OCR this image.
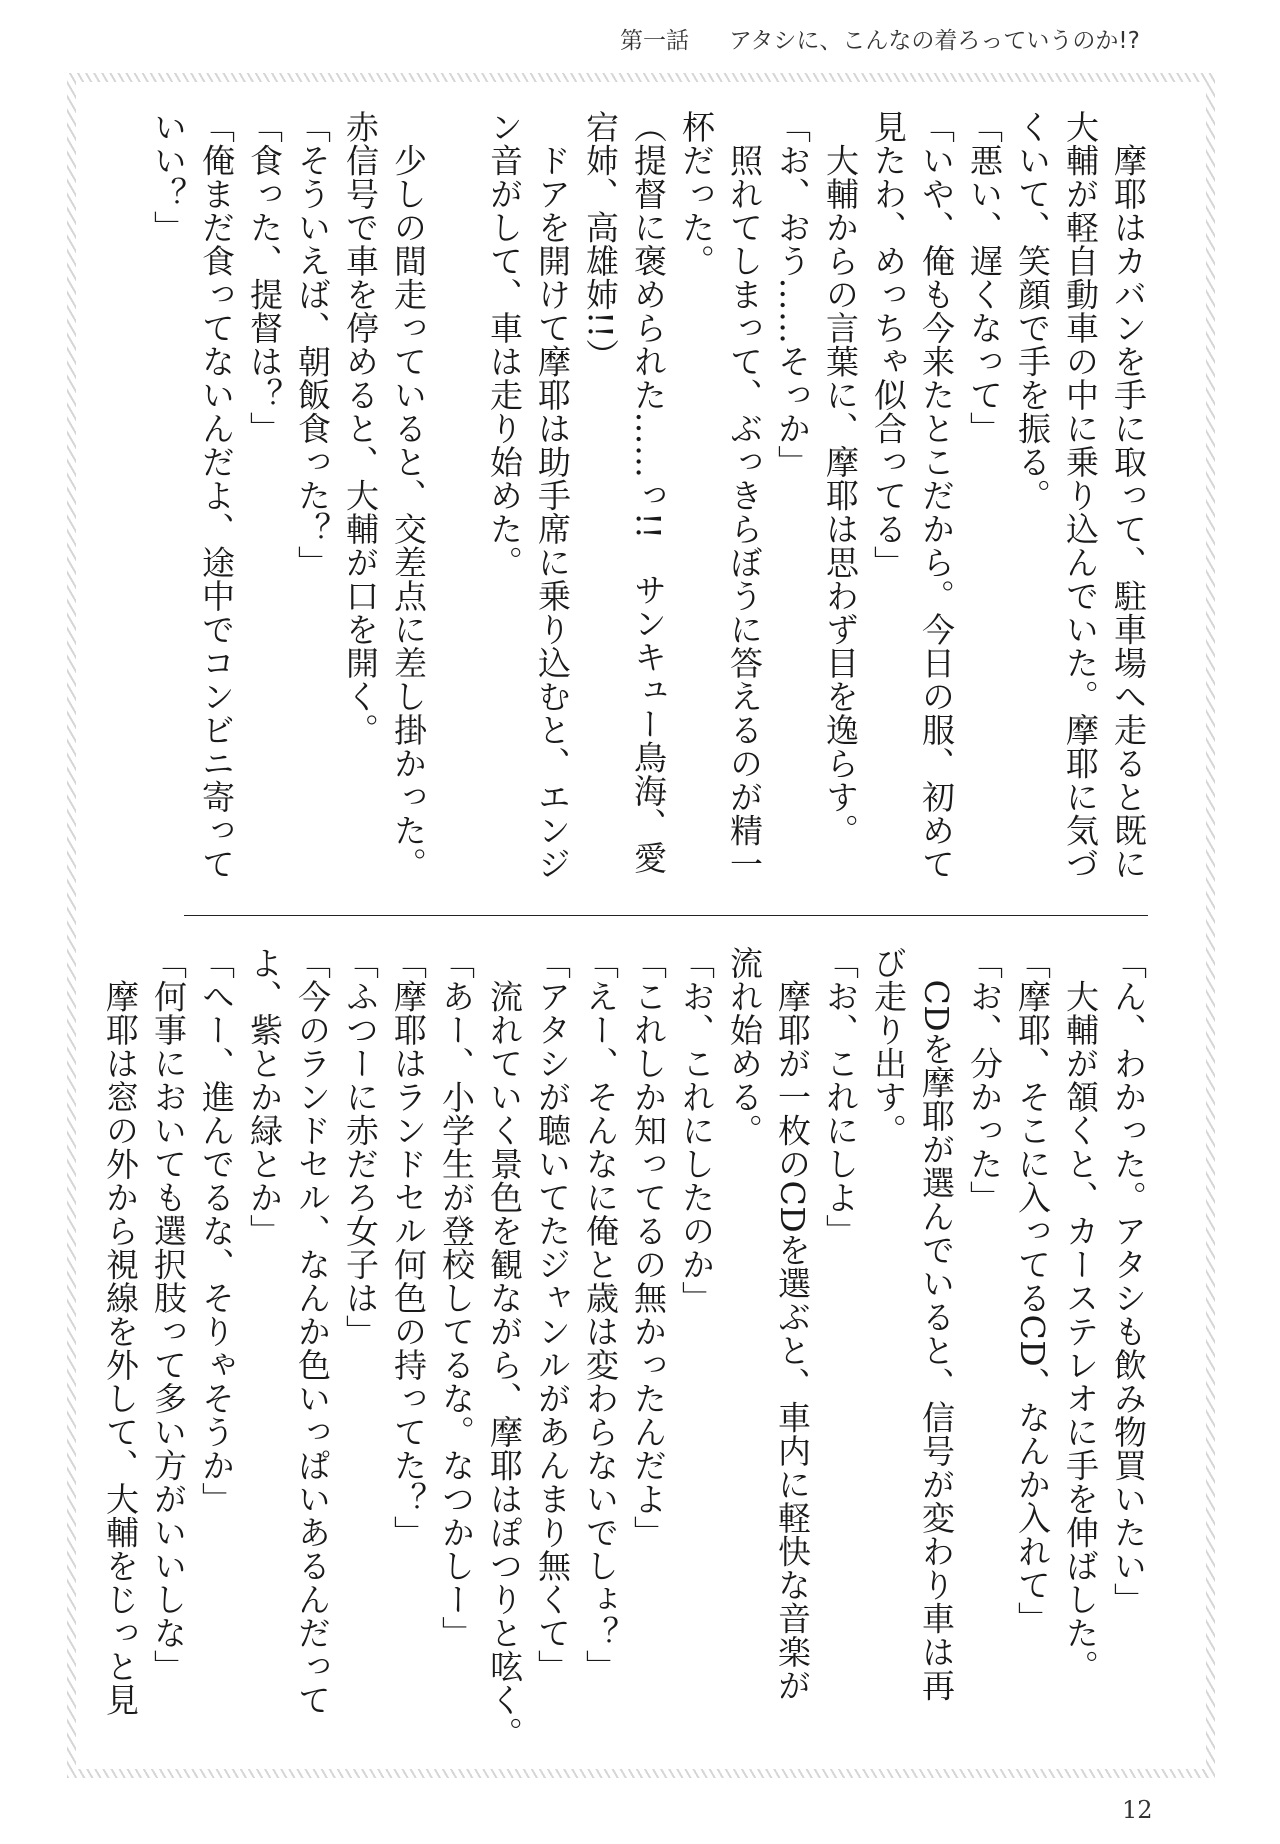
第一話 アタシに、こんなの着ろっていうのか!?
　摩耶はカバンを手に取って、駐車場へ走ると既に
大輔が軽自動車の中に乗り込んでいた。摩耶に気づ
くいて、笑顔で手を振る。
「悪い、遅くなって」
「いや、俺も今来たとこだから。今日の服、初めて
見たわ、めっちゃ似合ってる」
　大輔からの言葉に、摩耶は思わず目を逸らす。
「お、おう……そっか」
　照れてしまって、ぶっきらぼうに答えるのが精一
杯だった。
（提督に褒められた……っ!!　サンキュー鳥海、愛
宕姉、高雄姉!!）
　ドアを開けて摩耶は助手席に乗り込むと、エンジ
ン音がして、車は走り始めた。
　少しの間走っていると、交差点に差し掛かった。
赤信号で車を停めると、大輔が口を開く。
「そういえば、朝飯食った？」
「食った、提督は？」
「俺まだ食ってないんだよ、途中でコンビニ寄って
いい？」
「ん、わかった。アタシも飲み物買いたい」
　大輔が頷くと、カーステレオに手を伸ばした。
「摩耶、そこに入ってるCD、なんか入れて」
「お、分かった」
　CDを摩耶が選んでいると、信号が変わり車は再
び走り出す。
「お、これにしよ」
　摩耶が一枚のCDを選ぶと、車内に軽快な音楽が
流れ始める。
「お、これにしたのか」
「これしか知ってるの無かったんだよ」
「えー、そんなに俺と歳は変わらないでしょ？」
「アタシが聴いてたジャンルがあんまり無くて」
　流れていく景色を観ながら、摩耶はぽつりと呟く。
「あー、小学生が登校してるな。なつかしー」
「摩耶はランドセル何色の持ってた？」
「ふつーに赤だろ女子は」
「今のランドセル、なんか色いっぱいあるんだって
よ、紫とか緑とか」
「へー、進んでるな、そりゃそうか」
「何事においても選択肢って多い方がいいしな」
　摩耶は窓の外から視線を外して、大輔をじっと見
12
